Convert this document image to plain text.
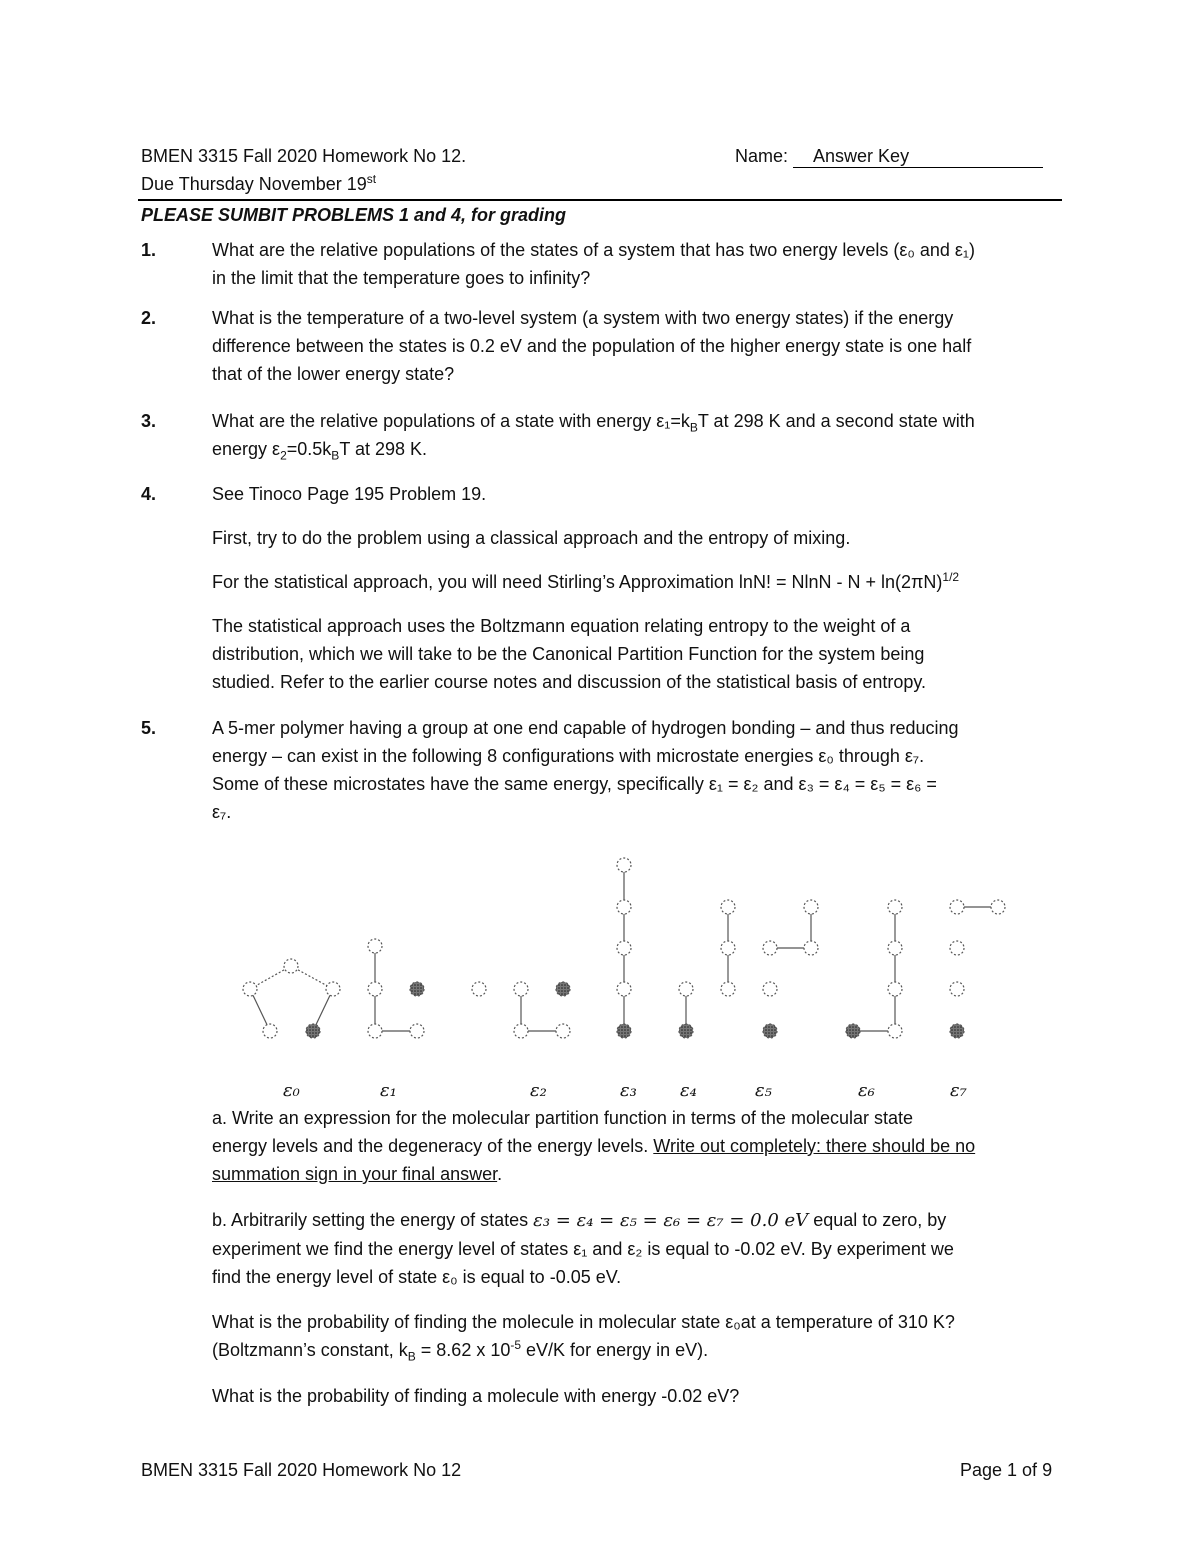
BMEN 3315 Fall 2020 Homework No 12.	Name: Answer Key
Due Thursday November 19st
PLEASE SUMBIT PROBLEMS 1 and 4, for grading
1.	What are the relative populations of the states of a system that has two energy levels (ε₀ and ε₁)
in the limit that the temperature goes to infinity?
2.	What is the temperature of a two-level system (a system with two energy states) if the energy
difference between the states is 0.2 eV and the population of the higher energy state is one half
that of the lower energy state?
3.	What are the relative populations of a state with energy $\varepsilon_1=k_BT$ at 298 K and a second state with
energy $\varepsilon_2=0.5k_BT$ at 298 K.
4.	See Tinoco Page 195 Problem 19.
First, try to do the problem using a classical approach and the entropy of mixing.
For the statistical approach, you will need Stirling’s Approximation lnN! = $NlnN - N + \ln(2\pi N)^{1/2}$
The statistical approach uses the Boltzmann equation relating entropy to the weight of a
distribution, which we will take to be the Canonical Partition Function for the system being
studied. Refer to the earlier course notes and discussion of the statistical basis of entropy.
5.	A 5-mer polymer having a group at one end capable of hydrogen bonding – and thus reducing
energy – can exist in the following 8 configurations with microstate energies ε₀ through ε₇.
Some of these microstates have the same energy, specifically ε₁ = ε₂ and ε₃ = ε₄ = ε₅ = ε₆ =
ε₇.
ε₀	ε₁	ε₂	ε₃ ε₄	ε₅	ε₆	ε₇
a. Write an expression for the molecular partition function in terms of the molecular state
energy levels and the degeneracy of the energy levels. Write out completely: there should be no
summation sign in your final answer.
b. Arbitrarily setting the energy of states ε₃ = ε₄ = ε₅ = ε₆ = ε₇ = 0.0 eV equal to zero, by
experiment we find the energy level of states ε₁ and ε₂ is equal to -0.02 eV. By experiment we
find the energy level of state ε₀ is equal to -0.05 eV.
What is the probability of finding the molecule in molecular state ε₀at a temperature of 310 K?
(Boltzmann’s constant, $k_B = 8.62$ x $10^{-5}$ eV/K for energy in eV).
What is the probability of finding a molecule with energy -0.02 eV?
BMEN 3315 Fall 2020 Homework No 12	Page 1 of 9
